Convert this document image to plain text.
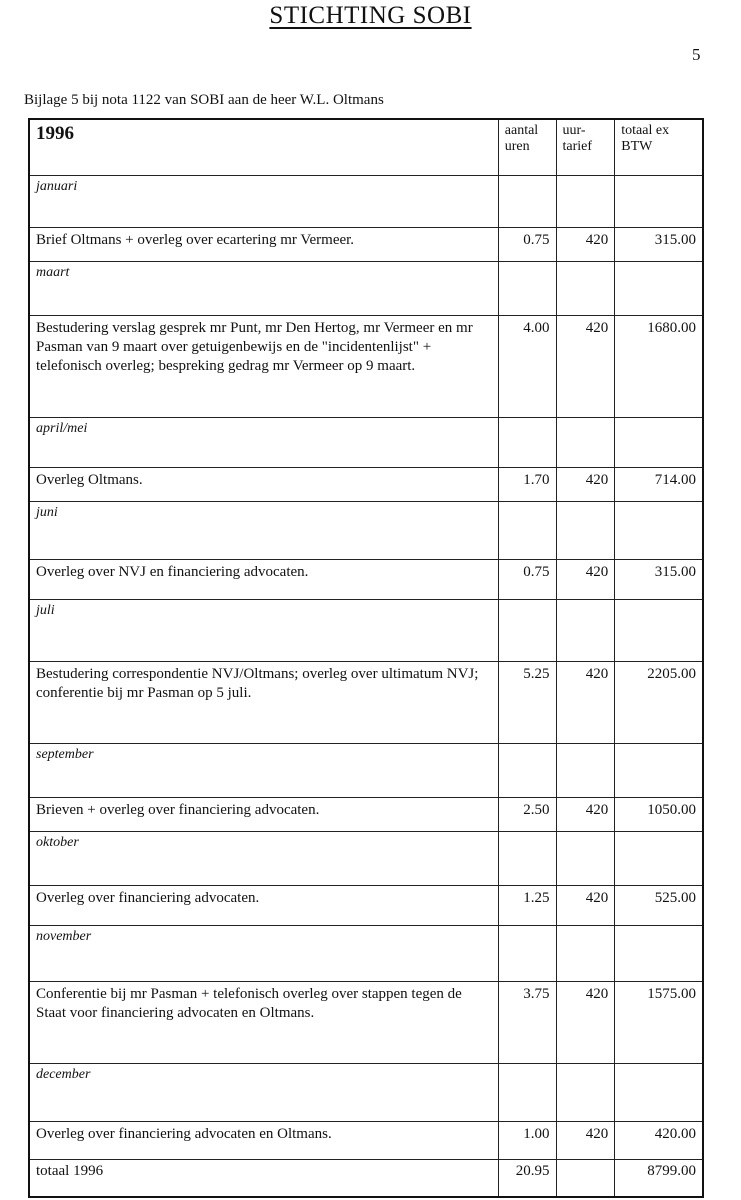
STICHTING SOBI
5
Bijlage 5 bij nota 1122 van SOBI aan de heer W.L. Oltmans
1996	aantal uren	uur-tarief	totaal ex BTW
januari			
Brief Oltmans + overleg over ecartering mr Vermeer.	0.75	420	315.00
maart			
Bestudering verslag gesprek mr Punt, mr Den Hertog, mr Vermeer en mr Pasman van 9 maart over getuigenbewijs en de "incidentenlijst" + telefonisch overleg; bespreking gedrag mr Vermeer op 9 maart.	4.00	420	1680.00
april/mei			
Overleg Oltmans.	1.70	420	714.00
juni			
Overleg over NVJ en financiering advocaten.	0.75	420	315.00
juli			
Bestudering correspondentie NVJ/Oltmans; overleg over ultimatum NVJ; conferentie bij mr Pasman op 5 juli.	5.25	420	2205.00
september			
Brieven + overleg over financiering advocaten.	2.50	420	1050.00
oktober			
Overleg over financiering advocaten.	1.25	420	525.00
november			
Conferentie bij mr Pasman + telefonisch overleg over stappen tegen de Staat voor financiering advocaten en Oltmans.	3.75	420	1575.00
december			
Overleg over financiering advocaten en Oltmans.	1.00	420	420.00
totaal 1996	20.95		8799.00
